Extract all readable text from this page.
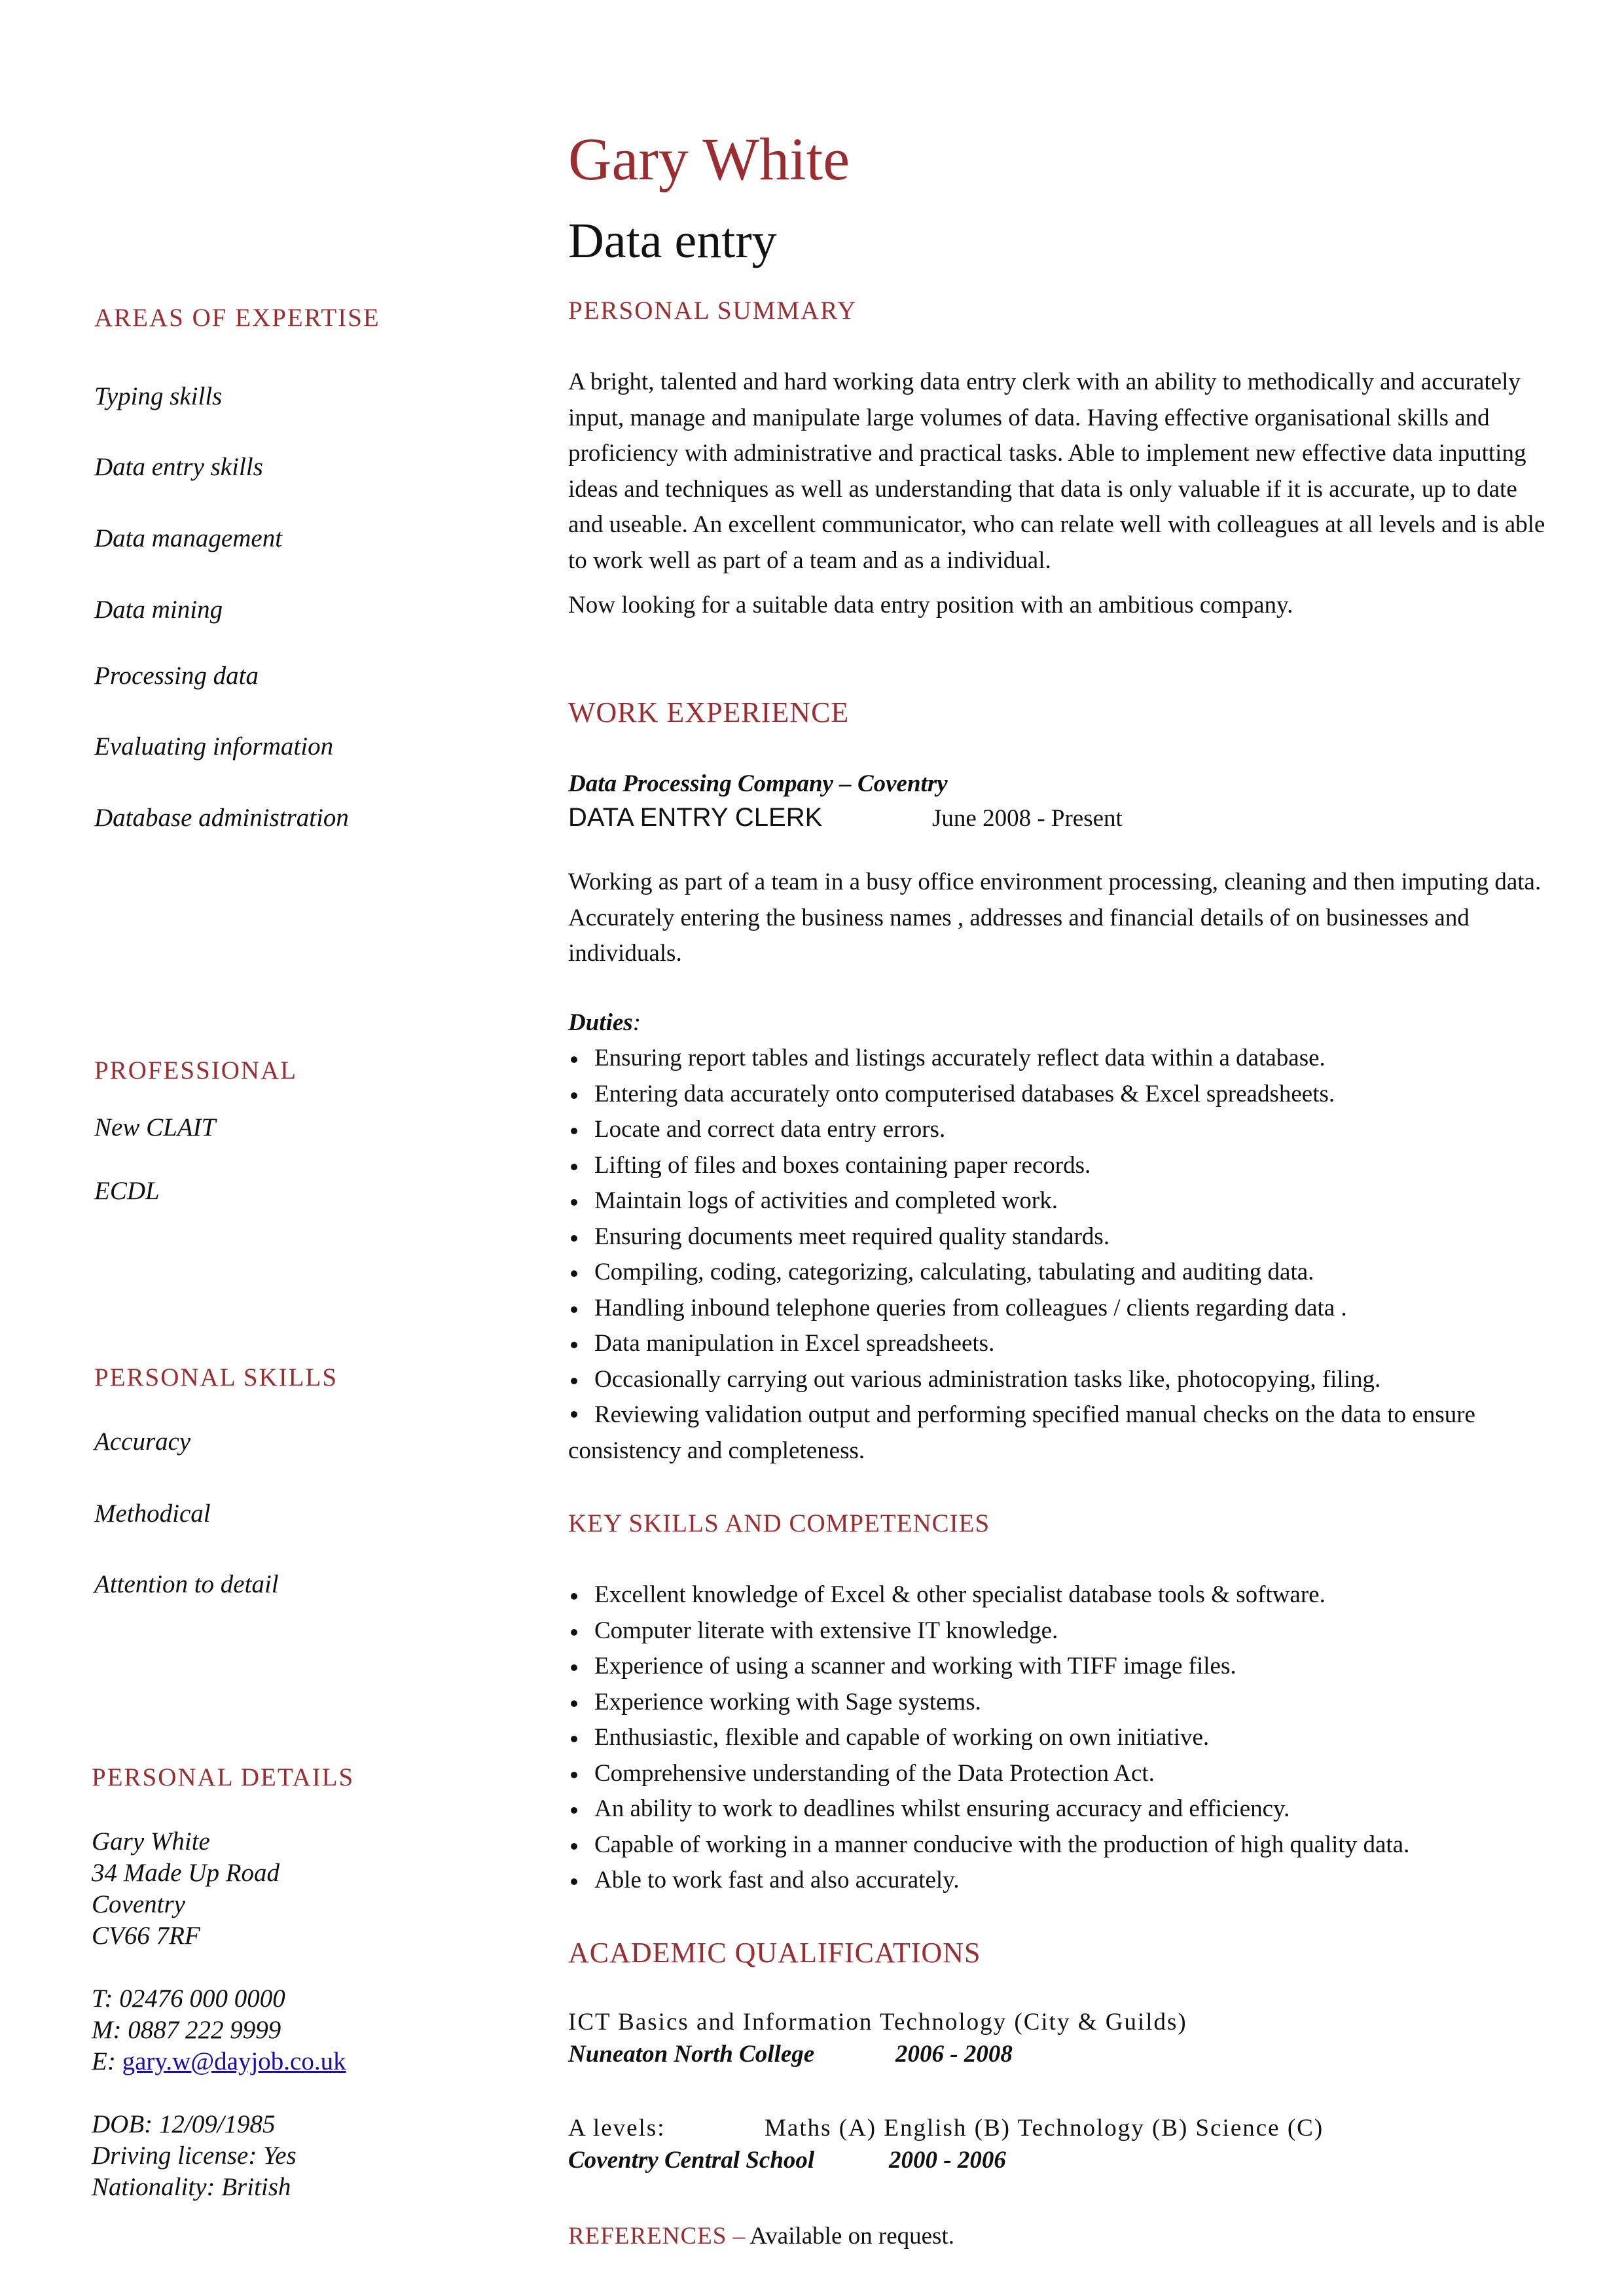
Gary White
Data entry
AREAS OF EXPERTISE
Typing skills
Data entry skills
Data management
Data mining
Processing data
Evaluating information
Database administration
PROFESSIONAL
New CLAIT
ECDL
PERSONAL SKILLS
Accuracy
Methodical
Attention to detail
PERSONAL DETAILS
Gary White
34 Made Up Road
Coventry
CV66 7RF
T: 02476 000 0000
M: 0887 222 9999
E: gary.w@dayjob.co.uk
DOB: 12/09/1985
Driving license: Yes
Nationality: British
PERSONAL SUMMARY

A bright, talented and hard working data entry clerk with an ability to methodically and accurately input, manage and manipulate large volumes of data. Having effective organisational skills and proficiency with administrative and practical tasks. Able to implement new effective data inputting ideas and techniques as well as understanding that data is only valuable if it is accurate, up to date and useable. An excellent communicator, who can relate well with colleagues at all levels and is able to work well as part of a team and as a individual.

Now looking for a suitable data entry position with an ambitious company.

WORK EXPERIENCE
Data Processing Company – Coventry
DATA ENTRY CLERK	June 2008 - Present
Working as part of a team in a busy office environment processing, cleaning and then imputing data. Accurately entering the business names , addresses and financial details of on businesses and individuals.
Duties:
Ensuring report tables and listings accurately reflect data within a database.
Entering data accurately onto computerised databases & Excel spreadsheets.
Locate and correct data entry errors.
Lifting of files and boxes containing paper records.
Maintain logs of activities and completed work.
Ensuring documents meet required quality standards.
Compiling, coding, categorizing, calculating, tabulating and auditing data.
Handling inbound telephone queries from colleagues / clients regarding data .
Data manipulation in Excel spreadsheets.
Occasionally carrying out various administration tasks like, photocopying, filing.
Reviewing validation output and performing specified manual checks on the data to ensure consistency and completeness.
KEY SKILLS AND COMPETENCIES
Excellent knowledge of Excel & other specialist database tools & software.
Computer literate with extensive IT knowledge.
Experience of using a scanner and working with TIFF image files.
Experience working with Sage systems.
Enthusiastic, flexible and capable of working on own initiative.
Comprehensive understanding of the Data Protection Act.
An ability to work to deadlines whilst ensuring accuracy and efficiency.
Capable of working in a manner conducive with the production of high quality data.
Able to work fast and also accurately.
ACADEMIC QUALIFICATIONS
ICT Basics and Information Technology (City & Guilds)
Nuneaton North College	2006 - 2008
A levels:	Maths (A) English (B) Technology (B) Science (C)
Coventry Central School	2000 - 2006
REFERENCES – Available on request.
